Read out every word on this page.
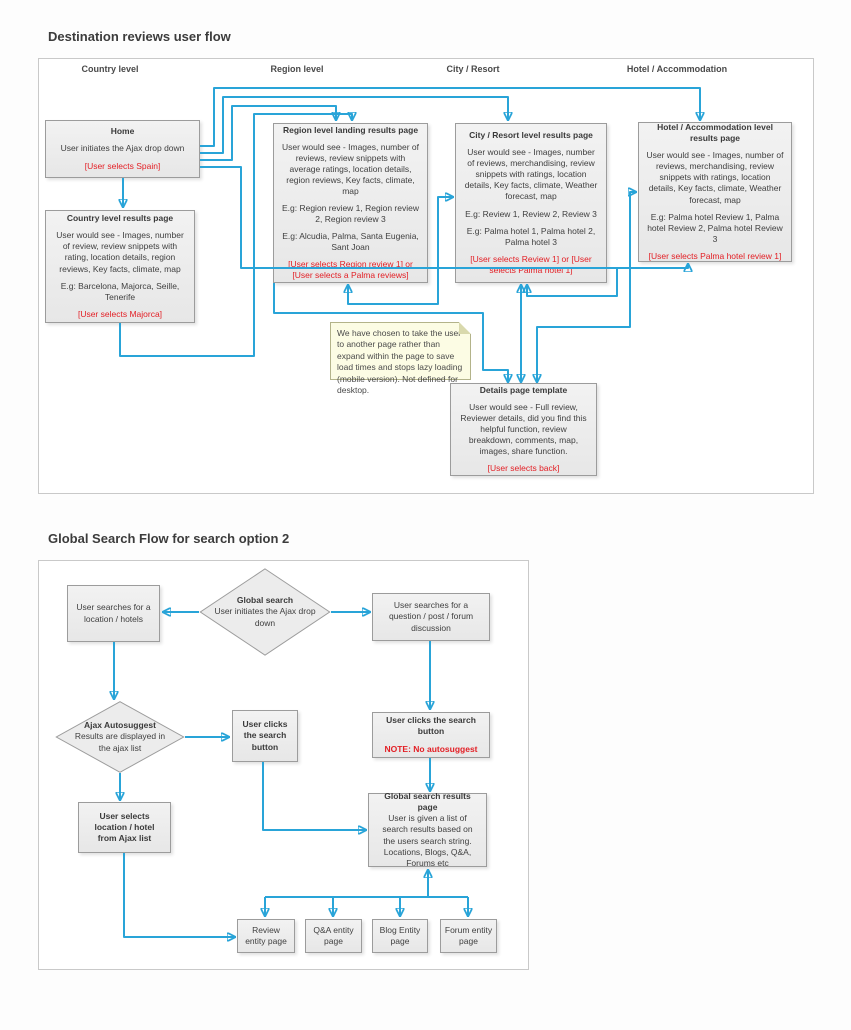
Destination reviews user flow
Country level	Region level	City / Resort	Hotel / Accommodation
Home
User initiates the Ajax drop down
[User selects Spain]
Country level results page
User would see - Images, number of review, review snippets with rating, location details, region reviews, Key facts, climate, map
E.g: Barcelona, Majorca, Seille, Tenerife
[User selects Majorca]
Region level landing results page
User would see - Images, number of reviews, review snippets with average ratings, location details, region reviews, Key facts, climate, map
E.g: Region review 1, Region review 2, Region review 3
E.g: Alcudia, Palma, Santa Eugenia, Sant Joan
[User selects Region review 1] or [User selects a Palma reviews]
City / Resort level results page
User would see - Images, number of reviews, merchandising, review snippets with ratings, location details, Key facts, climate, Weather forecast, map
E.g: Review 1, Review 2, Review 3
E.g: Palma hotel 1, Palma hotel 2, Palma hotel 3
[User selects Review 1] or [User selects Palma hotel 1]
Hotel / Accommodation level results page
User would see - Images, number of reviews, merchandising, review snippets with ratings, location details, Key facts, climate, Weather forecast, map
E.g: Palma hotel Review 1, Palma hotel Review 2, Palma hotel Review 3
[User selects Palma hotel review 1]
Details page template
User would see - Full review, Reviewer details, did you find this helpful function, review breakdown, comments, map, images, share function.
[User selects back]
We have chosen to take the user to another page rather than expand within the page to save load times and stops lazy loading (mobile version). Not defined for desktop.
Global Search Flow for search option 2
User searches for a location / hotels
Global search
User initiates the Ajax drop down
User searches for a question / post / forum discussion
Ajax Autosuggest
Results are displayed in the ajax list
User clicks the search button
User clicks the search button
NOTE: No autosuggest
User selects location / hotel from Ajax list
Global search results page
User is given a list of search results based on the users search string.
Locations, Blogs, Q&A, Forums etc
Review entity page
Q&A entity page
Blog Entity page
Forum entity page
